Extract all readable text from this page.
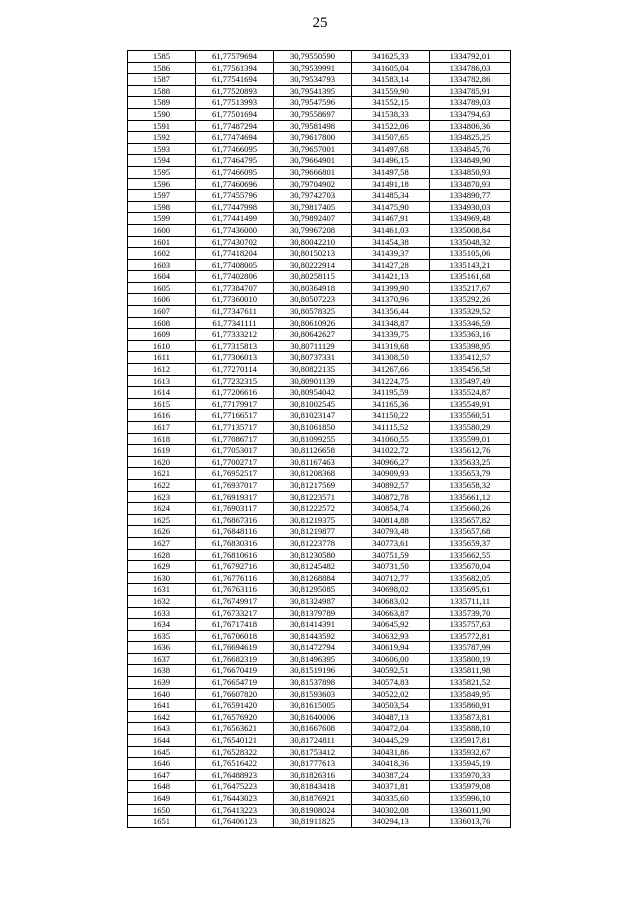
25
1585	61,77579694	30,79550590	341625,33	1334792,01
1586	61,77561394	30,79539991	341605,04	1334786,03
1587	61,77541694	30,79534793	341583,14	1334782,86
1588	61,77520893	30,79541395	341559,90	1334785,91
1589	61,77513993	30,79547596	341552,15	1334789,03
1590	61,77501694	30,79558697	341538,33	1334794,63
1591	61,77487294	30,79581498	341522,06	1334806,36
1592	61,77474694	30,79617800	341507,65	1334825,25
1593	61,77466095	30,79657001	341497,68	1334845,76
1594	61,77464795	30,79664901	341496,15	1334849,90
1595	61,77466095	30,79666801	341497,58	1334850,93
1596	61,77460696	30,79704902	341491,18	1334870,93
1597	61,77455796	30,79742703	341485,34	1334890,77
1598	61,77447998	30,79817405	341475,90	1334930,03
1599	61,77441499	30,79892407	341467,91	1334969,48
1600	61,77436000	30,79967208	341461,03	1335008,84
1601	61,77430702	30,80042210	341454,38	1335048,32
1602	61,77418204	30,80150213	341439,37	1335105,06
1603	61,77408005	30,80222914	341427,28	1335143,21
1604	61,77402806	30,80258115	341421,13	1335161,68
1605	61,77384707	30,80364918	341399,90	1335217,67
1606	61,77360010	30,80507223	341370,96	1335292,26
1607	61,77347611	30,80578325	341356,44	1335329,52
1608	61,77341111	30,80610926	341348,87	1335346,59
1609	61,77333212	30,80642627	341339,75	1335363,16
1610	61,77315813	30,80711129	341319,68	1335398,95
1611	61,77306013	30,80737331	341308,50	1335412,57
1612	61,77270114	30,80822135	341267,66	1335456,58
1613	61,77232315	30,80901139	341224,75	1335497,49
1614	61,77206616	30,80954042	341195,59	1335524,87
1615	61,77179917	30,81002545	341165,36	1335549,91
1616	61,77166517	30,81023147	341150,22	1335560,51
1617	61,77135717	30,81061850	341115,52	1335580,29
1618	61,77086717	30,81099255	341060,55	1335599,01
1619	61,77053017	30,81126658	341022,72	1335612,76
1620	61,77002717	30,81167463	340966,27	1335633,25
1621	61,76952517	30,81208368	340909,93	1335653,79
1622	61,76937017	30,81217569	340892,57	1335658,32
1623	61,76919317	30,81223571	340872,78	1335661,12
1624	61,76903117	30,81222572	340854,74	1335660,26
1625	61,76867316	30,81219375	340814,88	1335657,82
1626	61,76848116	30,81219877	340793,48	1335657,68
1627	61,76830316	30,81223778	340773,61	1335659,37
1628	61,76810616	30,81230580	340751,59	1335662,55
1629	61,76792716	30,81245482	340731,50	1335670,04
1630	61,76776116	30,81268884	340712,77	1335682,05
1631	61,76763116	30,81295085	340698,02	1335695,61
1632	61,76749917	30,81324987	340683,02	1335711,11
1633	61,76733217	30,81379789	340663,87	1335739,70
1634	61,76717418	30,81414391	340645,92	1335757,63
1635	61,76706018	30,81443592	340632,93	1335772,81
1636	61,76694619	30,81472794	340619,94	1335787,99
1637	61,76682319	30,81496395	340606,00	1335800,19
1638	61,76670419	30,81519196	340592,51	1335811,98
1639	61,76654719	30,81537898	340574,83	1335821,52
1640	61,76607820	30,81593603	340522,02	1335849,95
1641	61,76591420	30,81615005	340503,54	1335860,91
1642	61,76576920	30,81640006	340487,13	1335873,81
1643	61,76563621	30,81667608	340472,04	1335888,10
1644	61,76540121	30,81724811	340445,29	1335917,81
1645	61,76528322	30,81753412	340431,86	1335932,67
1646	61,76516422	30,81777613	340418,36	1335945,19
1647	61,76488923	30,81826316	340387,24	1335970,33
1648	61,76475223	30,81843418	340371,81	1335979,08
1649	61,76443023	30,81876921	340335,60	1335996,10
1650	61,76413223	30,81908024	340302,08	1336011,90
1651	61,76406123	30,81911825	340294,13	1336013,76
